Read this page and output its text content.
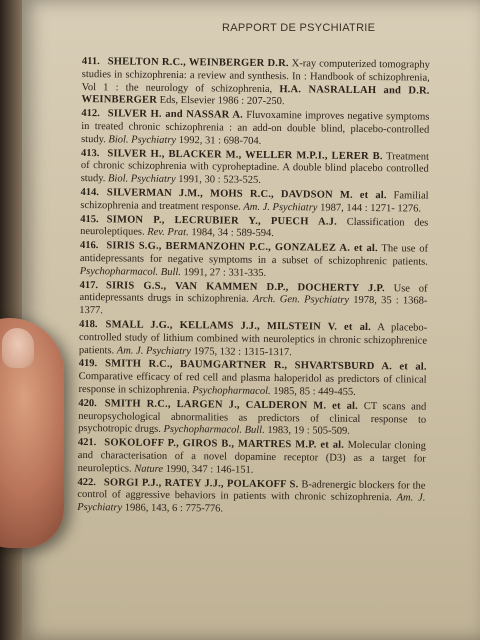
RAPPORT DE PSYCHIATRIE

411. SHELTON R.C., WEINBERGER D.R. X-ray computerized tomography studies in schizophrenia: a review and synthesis. In : Handbook of schizophrenia, Vol 1 : the neurology of schizophrenia, H.A. NASRALLAH and D.R. WEINBERGER Eds, Elsevier 1986 : 207-250.

412. SILVER H. and NASSAR A. Fluvoxamine improves negative symptoms in treated chronic schizophrenia : an add-on double blind, placebo-controlled study. Biol. Psychiatry 1992, 31 : 698-704.

413. SILVER H., BLACKER M., WELLER M.P.I., LERER B. Treatment of chronic schizophrenia with cyproheptadine. A double blind placebo controlled study. Biol. Psychiatry 1991, 30 : 523-525.

414. SILVERMAN J.M., MOHS R.C., DAVDSON M. et al. Familial schizophrenia and treatment response. Am. J. Psychiatry 1987, 144 : 1271- 1276.

415. SIMON P., LECRUBIER Y., PUECH A.J. Classification des neuroleptiques. Rev. Prat. 1984, 34 : 589-594.

416. SIRIS S.G., BERMANZOHN P.C., GONZALEZ A. et al. The use of antidepressants for negative symptoms in a subset of schizophrenic patients. Psychopharmacol. Bull. 1991, 27 : 331-335.

417. SIRIS G.S., VAN KAMMEN D.P., DOCHERTY J.P. Use of antidepressants drugs in schizophrenia. Arch. Gen. Psychiatry 1978, 35 : 1368-1377.

418. SMALL J.G., KELLAMS J.J., MILSTEIN V. et al. A placebo-controlled study of lithium combined with neuroleptics in chronic schizophrenice patients. Am. J. Psychiatry 1975, 132 : 1315-1317.

419. SMITH R.C., BAUMGARTNER R., SHVARTSBURD A. et al. Comparative efficacy of red cell and plasma haloperidol as predictors of clinical response in schizophrenia. Psychopharmacol. 1985, 85 : 449-455.

420. SMITH R.C., LARGEN J., CALDERON M. et al. CT scans and neuropsychological abnormalities as predictors of clinical response to psychotropic drugs. Psychopharmacol. Bull. 1983, 19 : 505-509.

421. SOKOLOFF P., GIROS B., MARTRES M.P. et al. Molecular cloning and characterisation of a novel dopamine receptor (D3) as a target for neuroleptics. Nature 1990, 347 : 146-151.

422. SORGI P.J., RATEY J.J., POLAKOFF S. B-adrenergic blockers for the control of aggressive behaviors in patients with chronic schizophrenia. Am. J. Psychiatry 1986, 143, 6 : 775-776.
